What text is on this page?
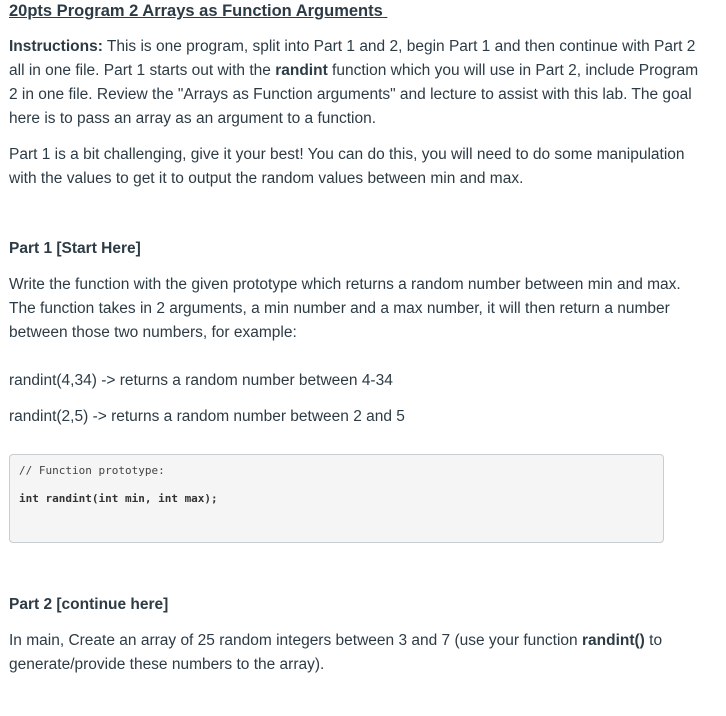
20pts Program 2 Arrays as Function Arguments

Instructions: This is one program, split into Part 1 and 2, begin Part 1 and then continue with Part 2 all in one file. Part 1 starts out with the randint function which you will use in Part 2, include Program 2 in one file. Review the "Arrays as Function arguments" and lecture to assist with this lab. The goal here is to pass an array as an argument to a function.

Part 1 is a bit challenging, give it your best! You can do this, you will need to do some manipulation with the values to get it to output the random values between min and max.

Part 1 [Start Here]

Write the function with the given prototype which returns a random number between min and max. The function takes in 2 arguments, a min number and a max number, it will then return a number between those two numbers, for example:

randint(4,34) -> returns a random number between 4-34

randint(2,5) -> returns a random number between 2 and 5

// Function prototype:
int randint(int min, int max);

Part 2 [continue here]

In main, Create an array of 25 random integers between 3 and 7 (use your function randint() to generate/provide these numbers to the array).
